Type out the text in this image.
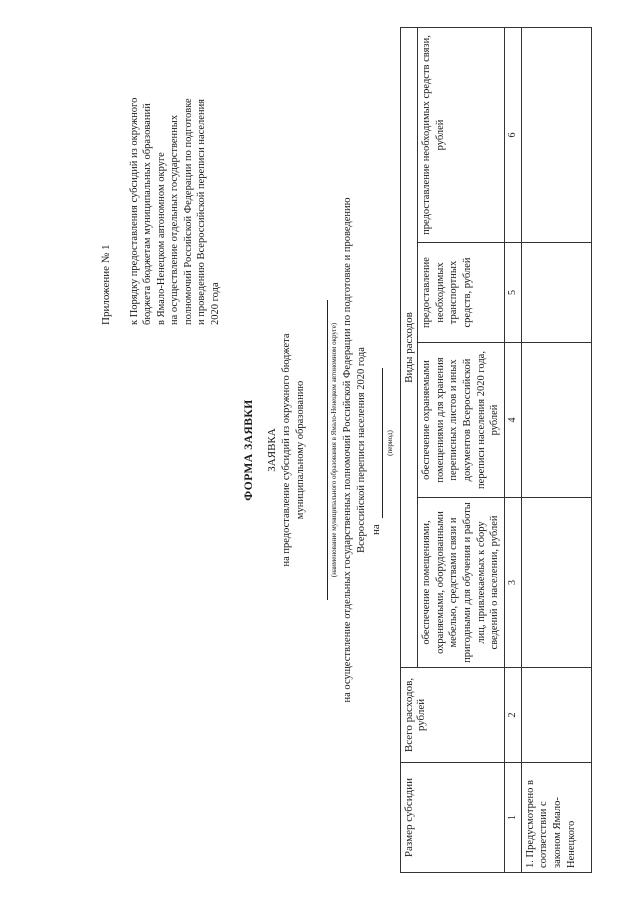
Приложение № 1 к Порядку предоставления субсидий из окружного бюджета бюджетам муниципальных образований в Ямало-Ненецком автономном округе на осуществление отдельных государственных полномочий Российской Федерации по подготовке и проведению Всероссийской переписи населения 2020 года
ФОРМА ЗАЯВКИ ЗАЯВКА на предоставление субсидий из окружного бюджета муниципальному образованию	(наименование муниципального образования в Ямало-Ненецком автономном округе) на осуществление отдельных государственных полномочий Российской Федерации по подготовке и проведению Всероссийской переписи населения 2020 года на
(период)
Размер субсидии	Всего расходов, рублей	Виды расходов			
		обеспечение помещениями, охраняемыми, оборудованными мебелью, средствами связи и пригодными для обучения и работы лиц, привлекаемых к сбору сведений о населении, рублей	обеспечение охраняемыми помещениями для хранения переписных листов и иных документов Всероссийской переписи населения 2020 года, рублей	предоставление необходимых транспортных средств, рублей	предоставление необходимых средств связи, рублей
1	2	3	4	5	6
1. Предусмотрено в соответствии с законом Ямало-Ненецкого					
